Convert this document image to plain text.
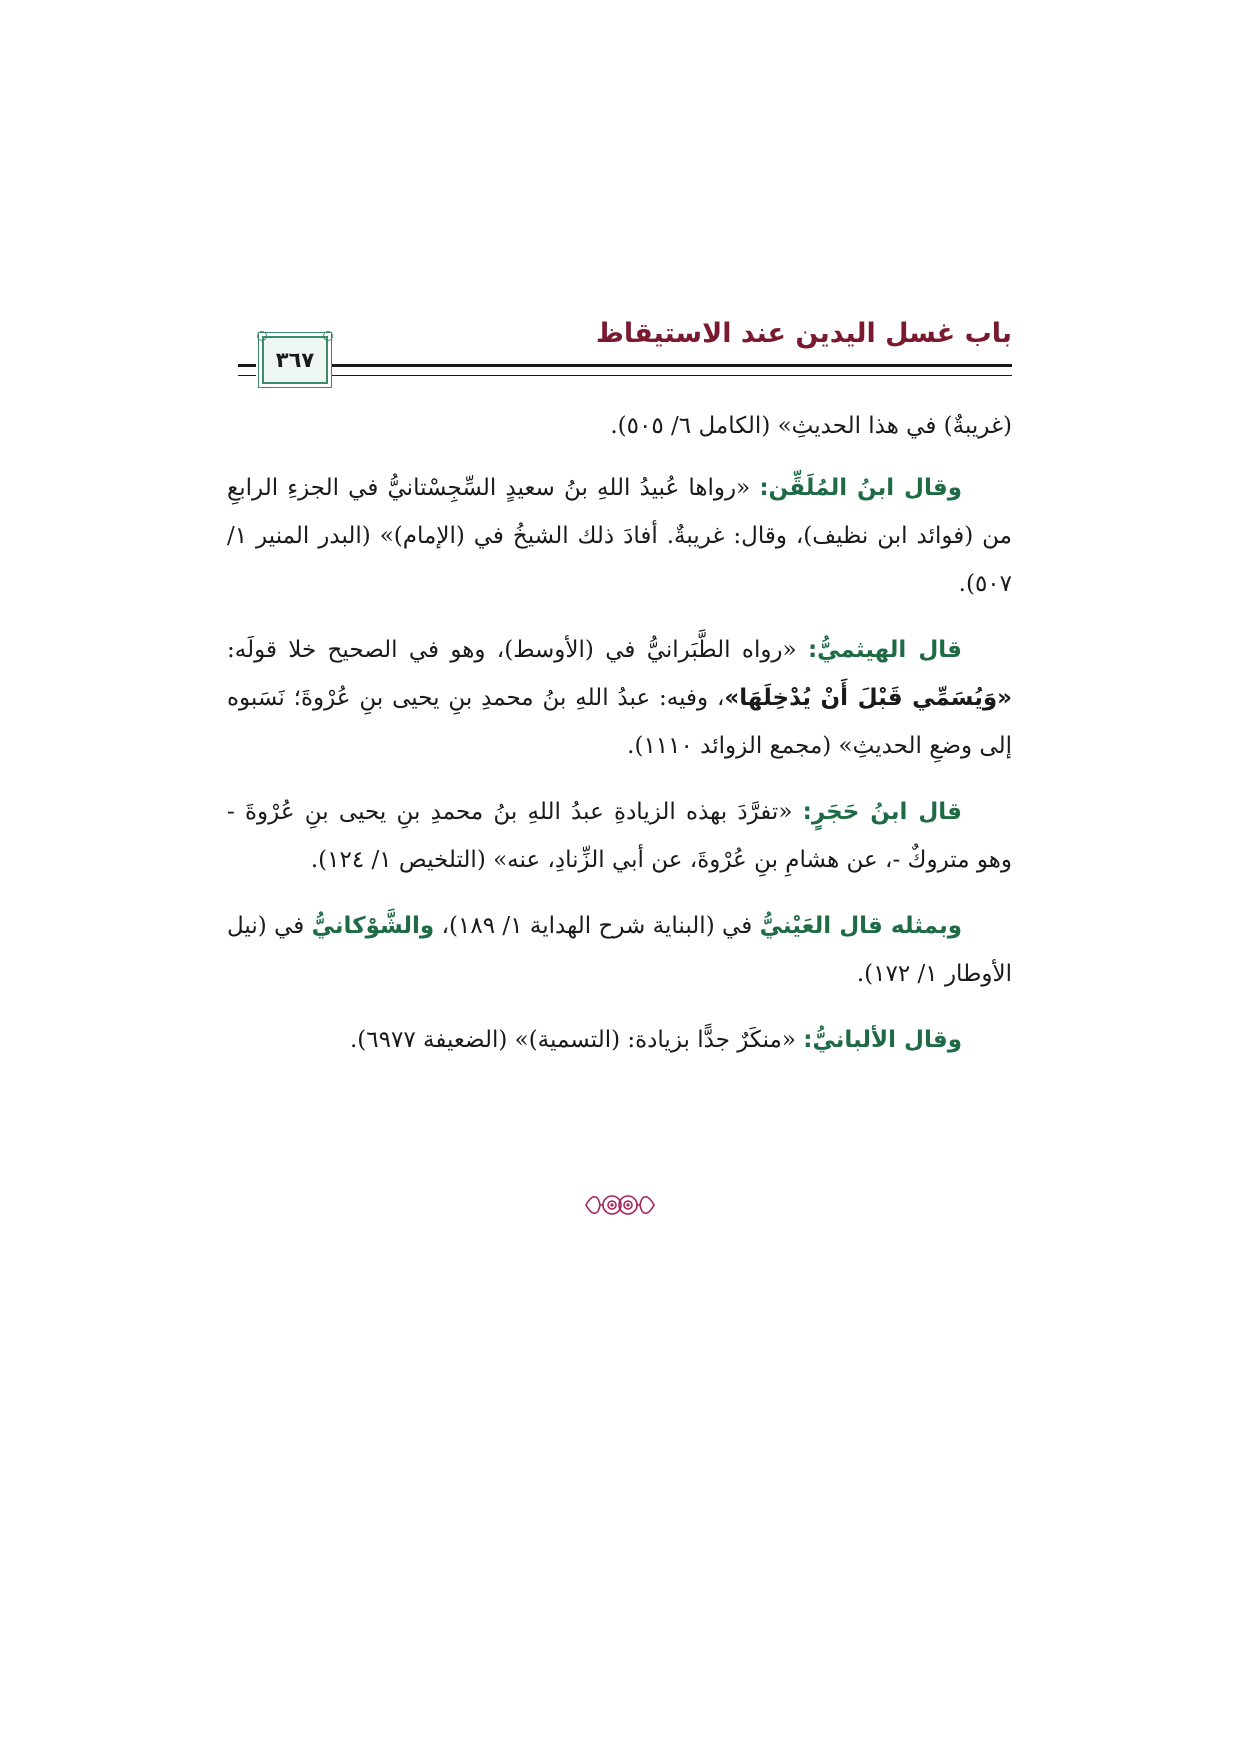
باب غسل اليدين عند الاستيقاظ
٣٦٧

(غريبةٌ) في هذا الحديثِ» (الكامل ٦/ ٥٠٥).

وقال ابنُ المُلَقِّن: «رواها عُبيدُ اللهِ بنُ سعيدٍ السِّجِسْتانيُّ في الجزءِ الرابعِ من (فوائد ابن نظيف)، وقال: غريبةٌ. أفادَ ذلك الشيخُ في (الإمام)» (البدر المنير ١/ ٥٠٧).

قال الهيثميُّ: «رواه الطَّبَرانيُّ في (الأوسط)، وهو في الصحيح خلا قولَه: «وَيُسَمِّي قَبْلَ أَنْ يُدْخِلَهَا»، وفيه: عبدُ اللهِ بنُ محمدِ بنِ يحيى بنِ عُرْوةَ؛ نَسَبوه إلى وضعِ الحديثِ» (مجمع الزوائد ١١١٠).

قال ابنُ حَجَرٍ: «تفرَّدَ بهذه الزيادةِ عبدُ اللهِ بنُ محمدِ بنِ يحيى بنِ عُرْوةَ - وهو متروكٌ -، عن هشامِ بنِ عُرْوةَ، عن أبي الزِّنادِ، عنه» (التلخيص ١/ ١٢٤).

وبمثله قال العَيْنيُّ في (البناية شرح الهداية ١/ ١٨٩)، والشَّوْكانيُّ في (نيل الأوطار ١/ ١٧٢).

وقال الألبانيُّ: «منكَرٌ جدًّا بزيادة: (التسمية)» (الضعيفة ٦٩٧٧).
